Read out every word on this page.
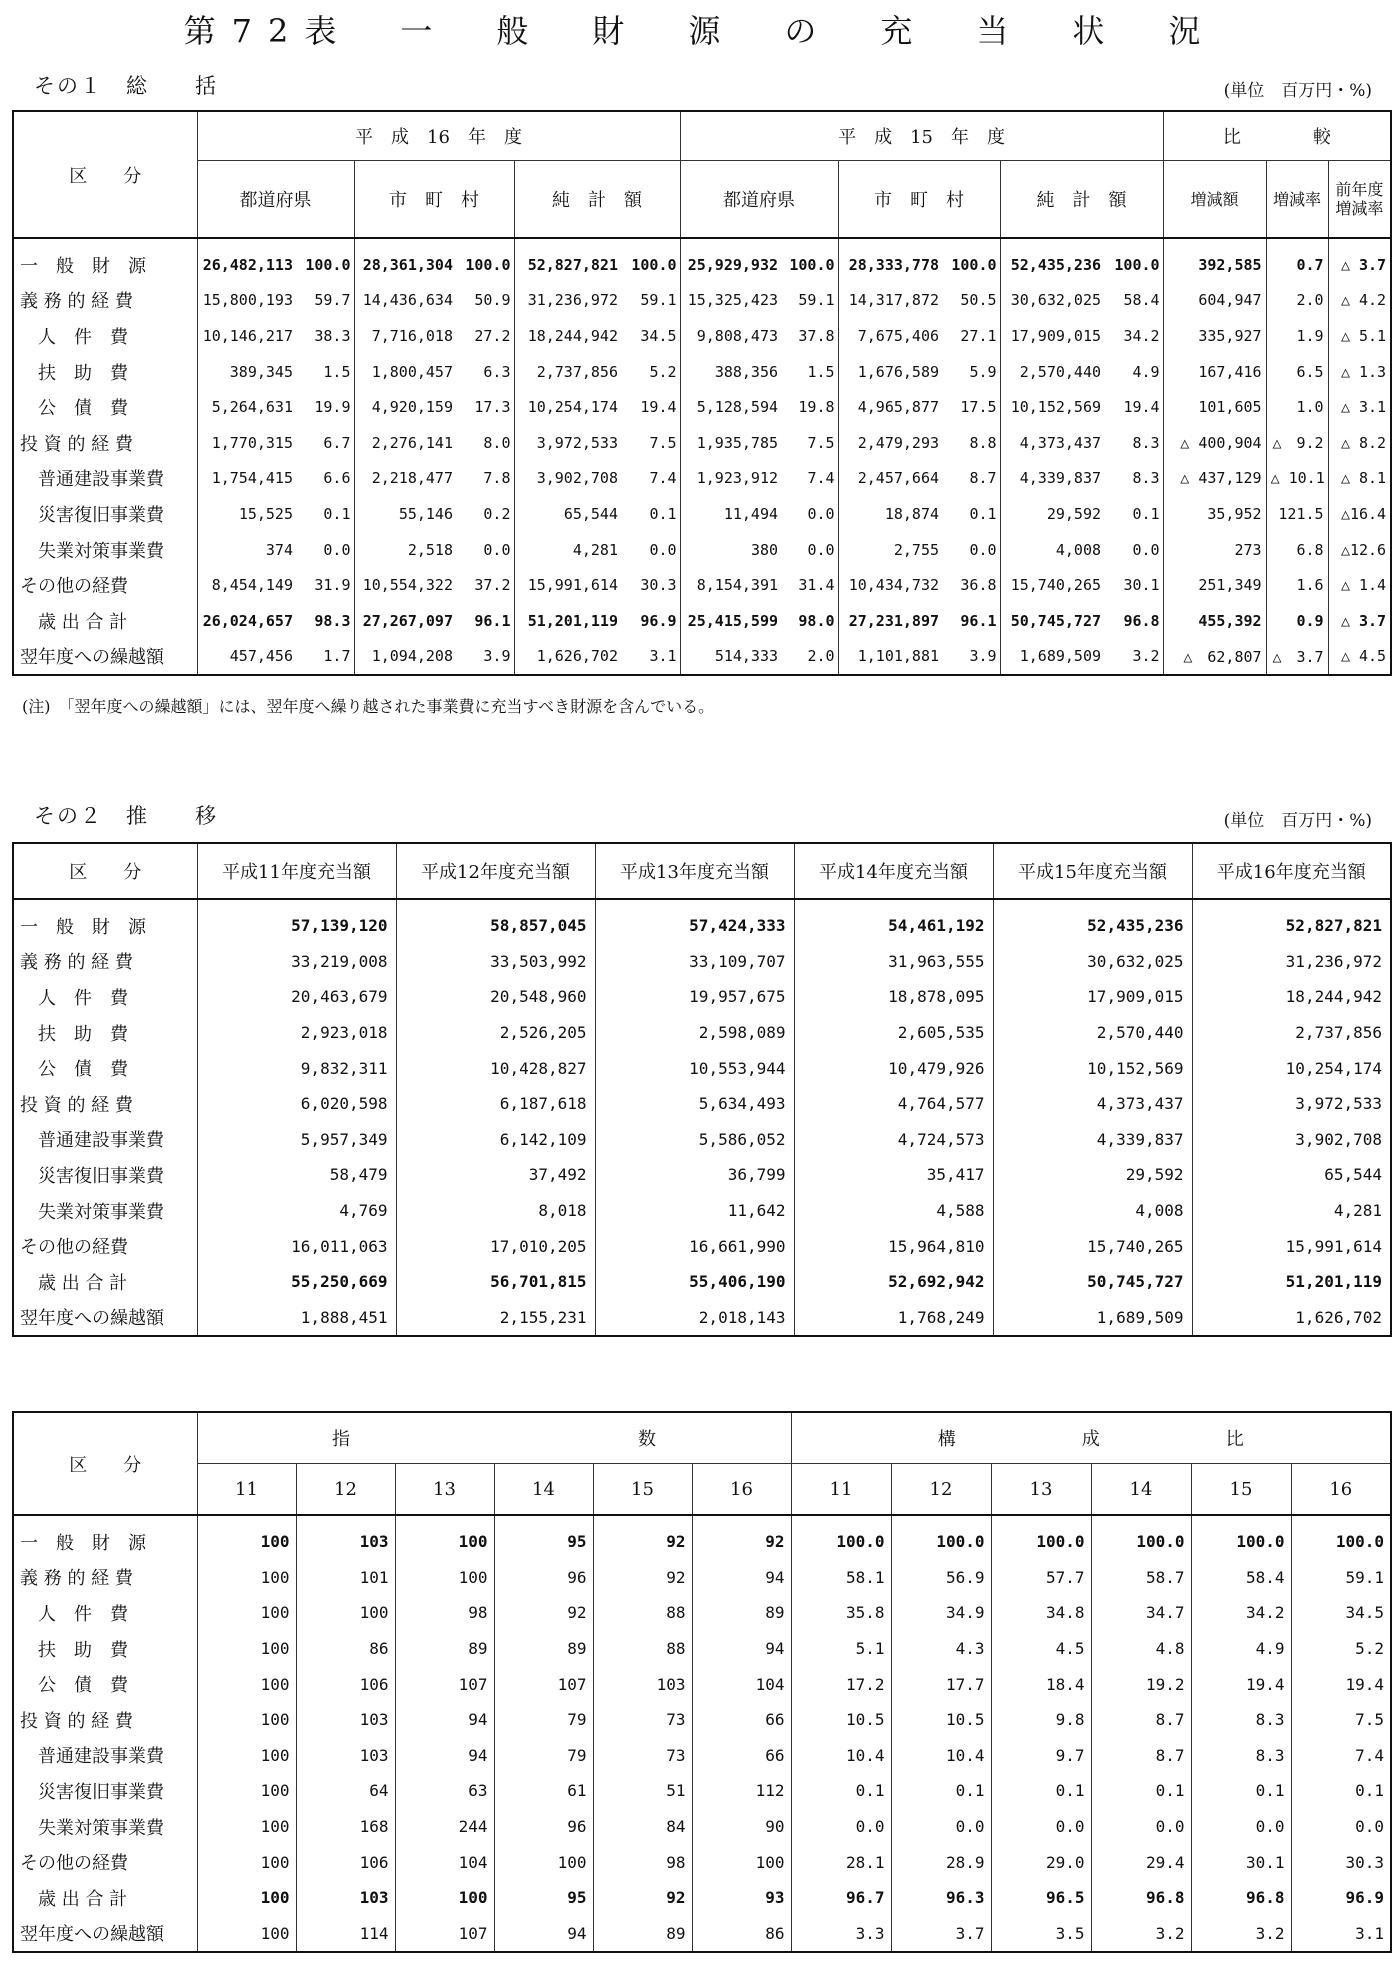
第72表　一　般　財　源　の　充　当　状　況
その１　総　　括	(単位　百万円・%)
区　　分	平　成　16　年　度						平　成　15　年　度						比　　　　較		
	都道府県		市　町　村		純　計　額		都道府県		市　町　村		純　計　額		増減額	増減率	前年度増減率
一　般　財　源	26,482,113	100.0	28,361,304	100.0	52,827,821	100.0	25,929,932	100.0	28,333,778	100.0	52,435,236	100.0	392,585	0.7	△ 3.7
義 務 的 経 費	15,800,193	59.7	14,436,634	50.9	31,236,972	59.1	15,325,423	59.1	14,317,872	50.5	30,632,025	58.4	604,947	2.0	△ 4.2
　人　件　費	10,146,217	38.3	7,716,018	27.2	18,244,942	34.5	9,808,473	37.8	7,675,406	27.1	17,909,015	34.2	335,927	1.9	△ 5.1
　扶　助　費	389,345	1.5	1,800,457	6.3	2,737,856	5.2	388,356	1.5	1,676,589	5.9	2,570,440	4.9	167,416	6.5	△ 1.3
　公　債　費	5,264,631	19.9	4,920,159	17.3	10,254,174	19.4	5,128,594	19.8	4,965,877	17.5	10,152,569	19.4	101,605	1.0	△ 3.1
投 資 的 経 費	1,770,315	6.7	2,276,141	8.0	3,972,533	7.5	1,935,785	7.5	2,479,293	8.8	4,373,437	8.3	△ 400,904	△　9.2	△ 8.2
　普通建設事業費	1,754,415	6.6	2,218,477	7.8	3,902,708	7.4	1,923,912	7.4	2,457,664	8.7	4,339,837	8.3	△ 437,129	△ 10.1	△ 8.1
　災害復旧事業費	15,525	0.1	55,146	0.2	65,544	0.1	11,494	0.0	18,874	0.1	29,592	0.1	35,952	121.5	△16.4
　失業対策事業費	374	0.0	2,518	0.0	4,281	0.0	380	0.0	2,755	0.0	4,008	0.0	273	6.8	△12.6
その他の経費	8,454,149	31.9	10,554,322	37.2	15,991,614	30.3	8,154,391	31.4	10,434,732	36.8	15,740,265	30.1	251,349	1.6	△ 1.4
　歳 出 合 計	26,024,657	98.3	27,267,097	96.1	51,201,119	96.9	25,415,599	98.0	27,231,897	96.1	50,745,727	96.8	455,392	0.9	△ 3.7
翌年度への繰越額	457,456	1.7	1,094,208	3.9	1,626,702	3.1	514,333	2.0	1,101,881	3.9	1,689,509	3.2	△　62,807	△　3.7	△ 4.5
(注)　「翌年度への繰越額」には、翌年度へ繰り越された事業費に充当すべき財源を含んでいる。
その２　推　　移	(単位　百万円・%)
区　　分	平成11年度充当額	平成12年度充当額	平成13年度充当額	平成14年度充当額	平成15年度充当額	平成16年度充当額
一　般　財　源	57,139,120	58,857,045	57,424,333	54,461,192	52,435,236	52,827,821
義 務 的 経 費	33,219,008	33,503,992	33,109,707	31,963,555	30,632,025	31,236,972
　人　件　費	20,463,679	20,548,960	19,957,675	18,878,095	17,909,015	18,244,942
　扶　助　費	2,923,018	2,526,205	2,598,089	2,605,535	2,570,440	2,737,856
　公　債　費	9,832,311	10,428,827	10,553,944	10,479,926	10,152,569	10,254,174
投 資 的 経 費	6,020,598	6,187,618	5,634,493	4,764,577	4,373,437	3,972,533
　普通建設事業費	5,957,349	6,142,109	5,586,052	4,724,573	4,339,837	3,902,708
　災害復旧事業費	58,479	37,492	36,799	35,417	29,592	65,544
　失業対策事業費	4,769	8,018	11,642	4,588	4,008	4,281
その他の経費	16,011,063	17,010,205	16,661,990	15,964,810	15,740,265	15,991,614
　歳 出 合 計	55,250,669	56,701,815	55,406,190	52,692,942	50,745,727	51,201,119
翌年度への繰越額	1,888,451	2,155,231	2,018,143	1,768,249	1,689,509	1,626,702
区　　分	指　　　　　　　　　　　　　　　　数						構　　　　　　　成　　　　　　　比					
	11	12	13	14	15	16	11	12	13	14	15	16
一　般　財　源	100	103	100	95	92	92	100.0	100.0	100.0	100.0	100.0	100.0
義 務 的 経 費	100	101	100	96	92	94	58.1	56.9	57.7	58.7	58.4	59.1
　人　件　費	100	100	98	92	88	89	35.8	34.9	34.8	34.7	34.2	34.5
　扶　助　費	100	86	89	89	88	94	5.1	4.3	4.5	4.8	4.9	5.2
　公　債　費	100	106	107	107	103	104	17.2	17.7	18.4	19.2	19.4	19.4
投 資 的 経 費	100	103	94	79	73	66	10.5	10.5	9.8	8.7	8.3	7.5
　普通建設事業費	100	103	94	79	73	66	10.4	10.4	9.7	8.7	8.3	7.4
　災害復旧事業費	100	64	63	61	51	112	0.1	0.1	0.1	0.1	0.1	0.1
　失業対策事業費	100	168	244	96	84	90	0.0	0.0	0.0	0.0	0.0	0.0
その他の経費	100	106	104	100	98	100	28.1	28.9	29.0	29.4	30.1	30.3
　歳 出 合 計	100	103	100	95	92	93	96.7	96.3	96.5	96.8	96.8	96.9
翌年度への繰越額	100	114	107	94	89	86	3.3	3.7	3.5	3.2	3.2	3.1
